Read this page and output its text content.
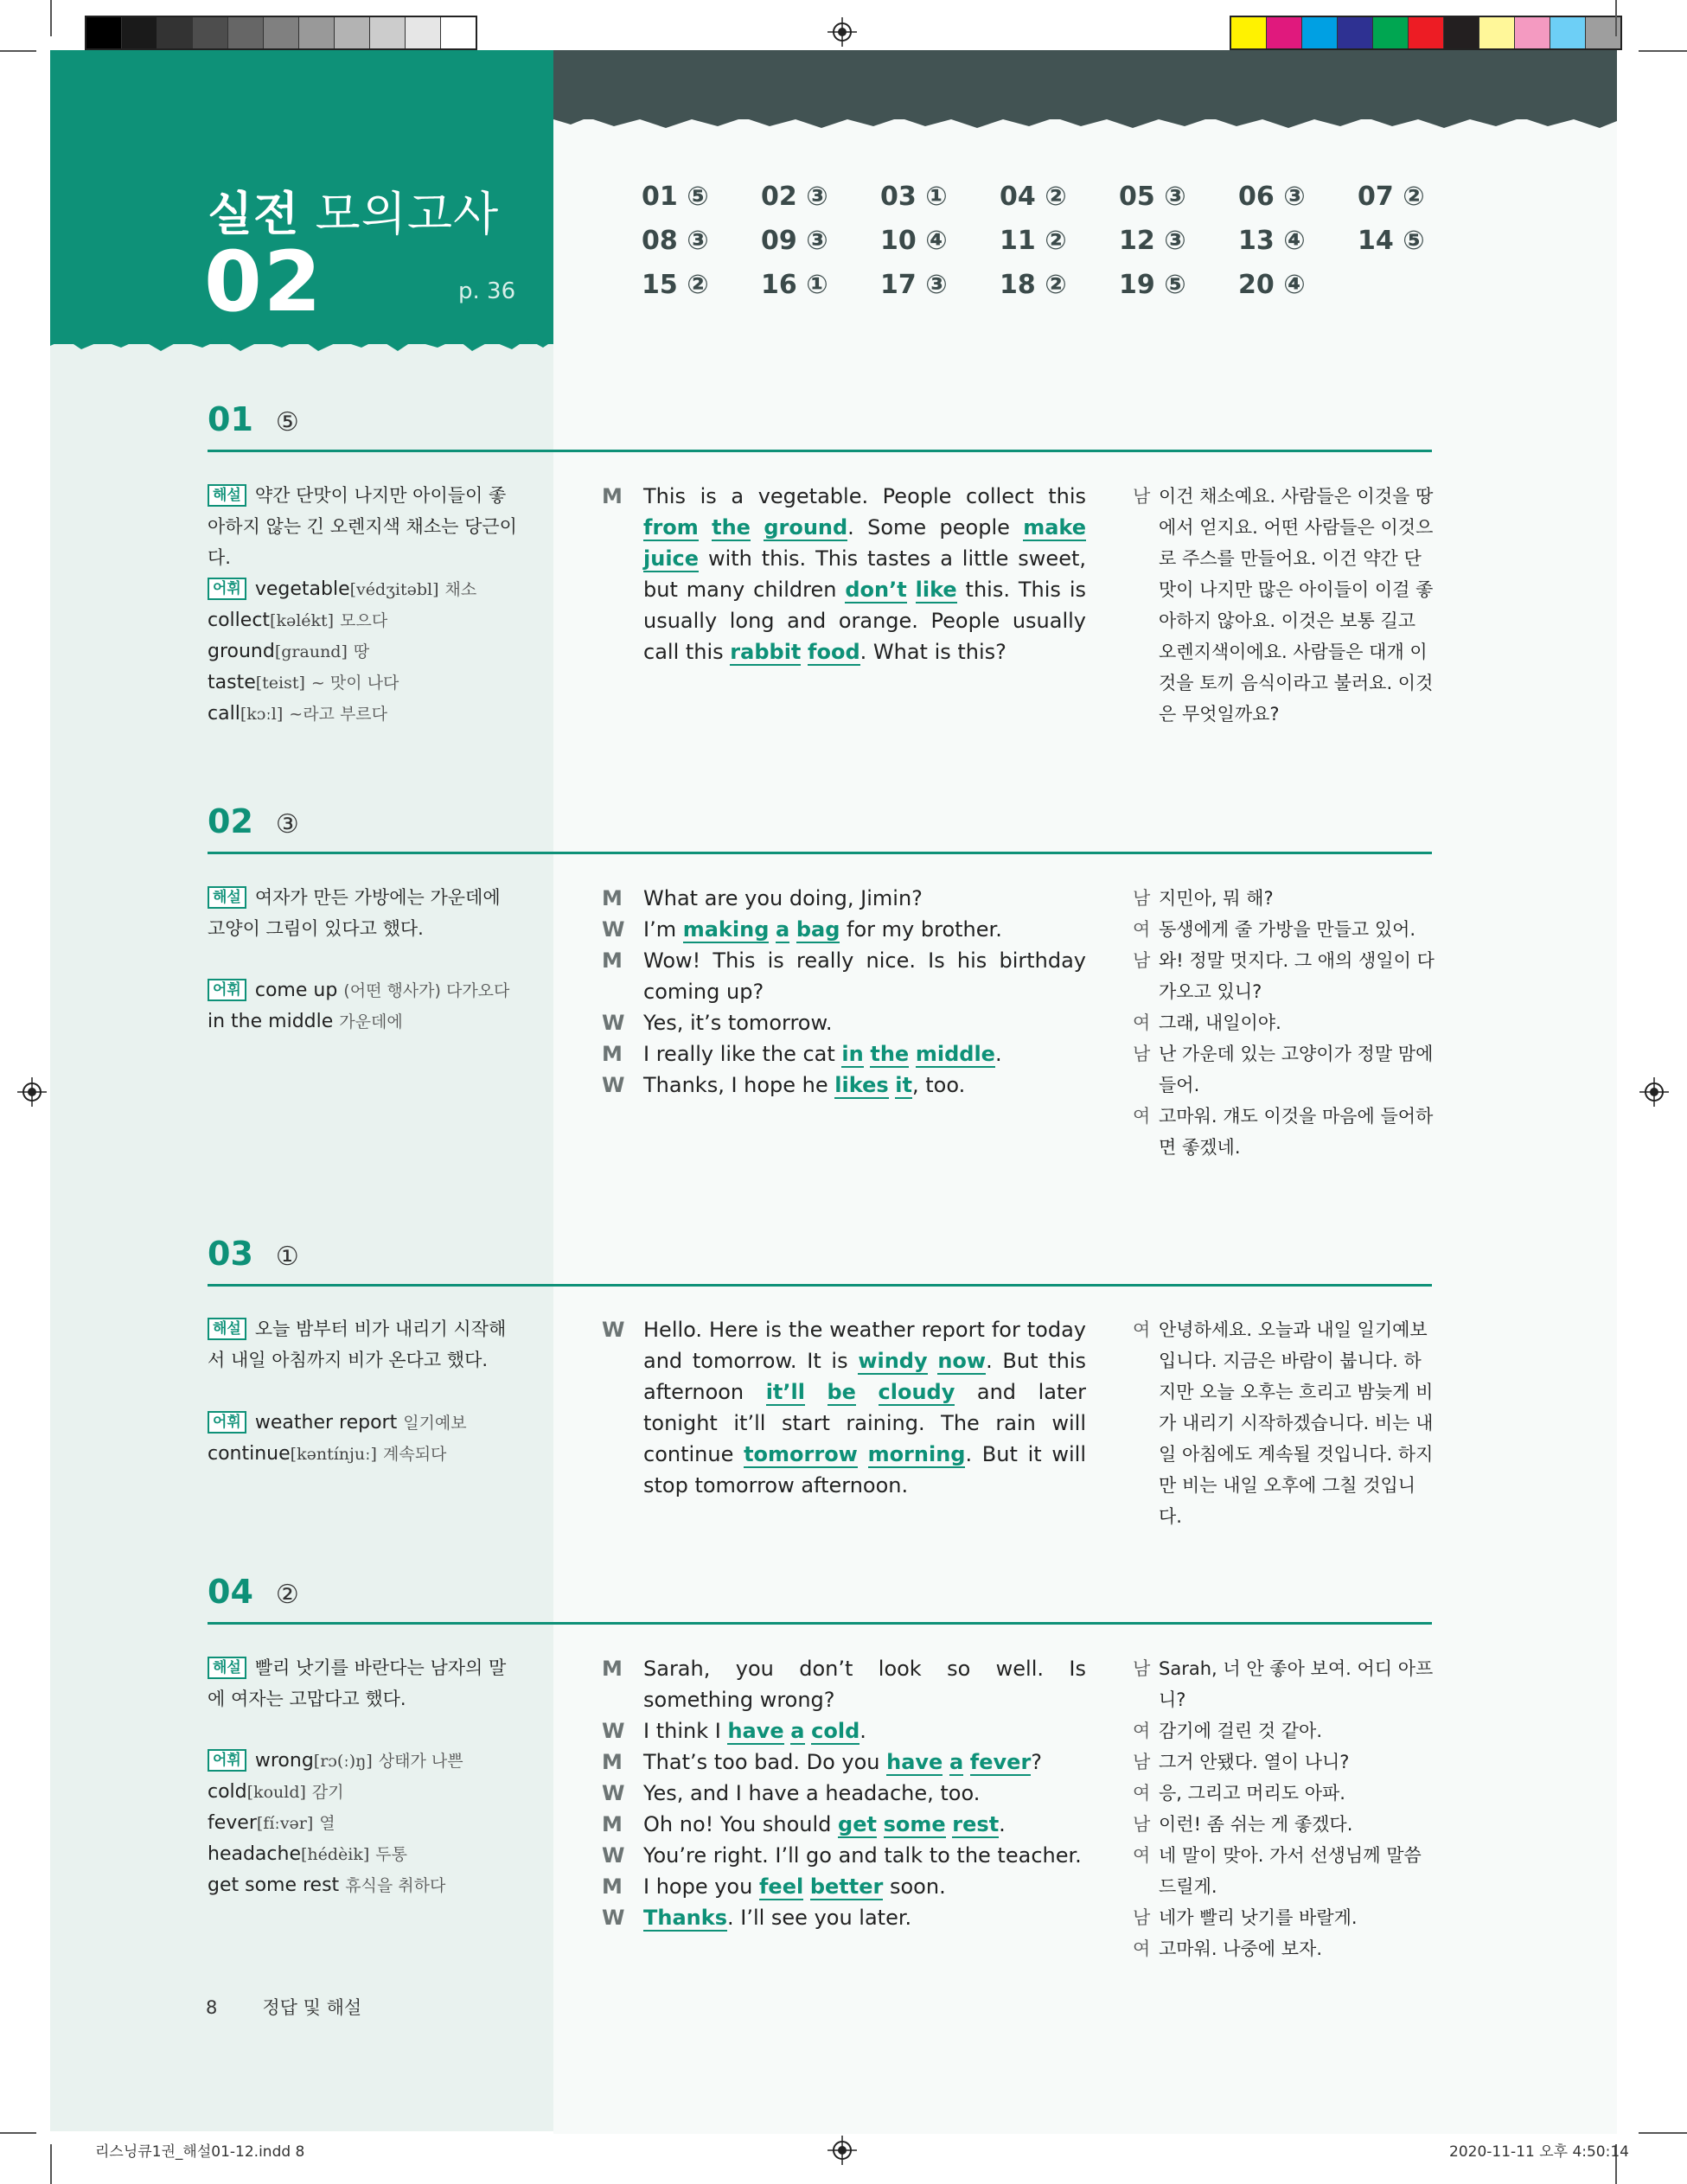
실전 모의고사
02	p. 36
01 ⑤	02 ③	03 ①	04 ②	05 ③	06 ③	07 ②
08 ③	09 ③	10 ④	11 ②	12 ③	13 ④	14 ⑤
15 ②	16 ①	17 ③	18 ②	19 ⑤	20 ④
01 ⑤
해설 약간 단맛이 나지만 아이들이 좋아하지 않는 긴 오렌지색 채소는 당근이다.
어휘 vegetable[védʒitəbl] 채소
collect[kəlékt] 모으다
ground[graund] 땅
taste[teist] ~ 맛이 나다
call[kɔːl] ~라고 부르다
M	This is a vegetable. People collect this from the ground. Some people make juice with this. This tastes a little sweet, but many children don’t like this. This is usually long and orange. People usually call this rabbit food. What is this?
남 이건 채소예요. 사람들은 이것을 땅에서 얻지요. 어떤 사람들은 이것으로 주스를 만들어요. 이건 약간 단맛이 나지만 많은 아이들이 이걸 좋아하지 않아요. 이것은 보통 길고 오렌지색이에요. 사람들은 대개 이것을 토끼 음식이라고 불러요. 이것은 무엇일까요?
02 ③
해설 여자가 만든 가방에는 가운데에 고양이 그림이 있다고 했다.
어휘 come up (어떤 행사가) 다가오다
in the middle 가운데에
M	What are you doing, Jimin?
W I’m making a bag for my brother.
M	Wow! This is really nice. Is his birthday coming up?
W Yes, it’s tomorrow.
M	I really like the cat in the middle.
W Thanks, I hope he likes it, too.
남 지민아, 뭐 해?
여 동생에게 줄 가방을 만들고 있어.
남 와! 정말 멋지다. 그 애의 생일이 다가오고 있니?
여 그래, 내일이야.
남 난 가운데 있는 고양이가 정말 맘에 들어.
여 고마워. 걔도 이것을 마음에 들어하면 좋겠네.
03 ①
해설 오늘 밤부터 비가 내리기 시작해서 내일 아침까지 비가 온다고 했다.
어휘 weather report 일기예보
continue[kəntínjuː] 계속되다
W Hello. Here is the weather report for today and tomorrow. It is windy now. But this afternoon it’ll be cloudy and later tonight it’ll start raining. The rain will continue tomorrow morning. But it will stop tomorrow afternoon.
여 안녕하세요. 오늘과 내일 일기예보입니다. 지금은 바람이 붑니다. 하지만 오늘 오후는 흐리고 밤늦게 비가 내리기 시작하겠습니다. 비는 내일 아침에도 계속될 것입니다. 하지만 비는 내일 오후에 그칠 것입니다.
04 ②
해설 빨리 낫기를 바란다는 남자의 말에 여자는 고맙다고 했다.
어휘 wrong[rɔ(ː)ŋ] 상태가 나쁜
cold[kould] 감기
fever[fíːvər] 열
headache[hédèik] 두통
get some rest 휴식을 취하다
M	Sarah, you don’t look so well. Is something wrong?
W I think I have a cold.
M	That’s too bad. Do you have a fever?
W Yes, and I have a headache, too.
M	Oh no! You should get some rest.
W You’re right. I’ll go and talk to the teacher.
M	I hope you feel better soon.
W Thanks. I’ll see you later.
남 Sarah, 너 안 좋아 보여. 어디 아프니?
여 감기에 걸린 것 같아.
남 그거 안됐다. 열이 나니?
여 응, 그리고 머리도 아파.
남 이런! 좀 쉬는 게 좋겠다.
여 네 말이 맞아. 가서 선생님께 말씀드릴게.
남 네가 빨리 낫기를 바랄게.
여 고마워. 나중에 보자.
8 정답 및 해설
리스닝큐1권_해설01-12.indd 8	2020-11-11 오후 4:50:14
